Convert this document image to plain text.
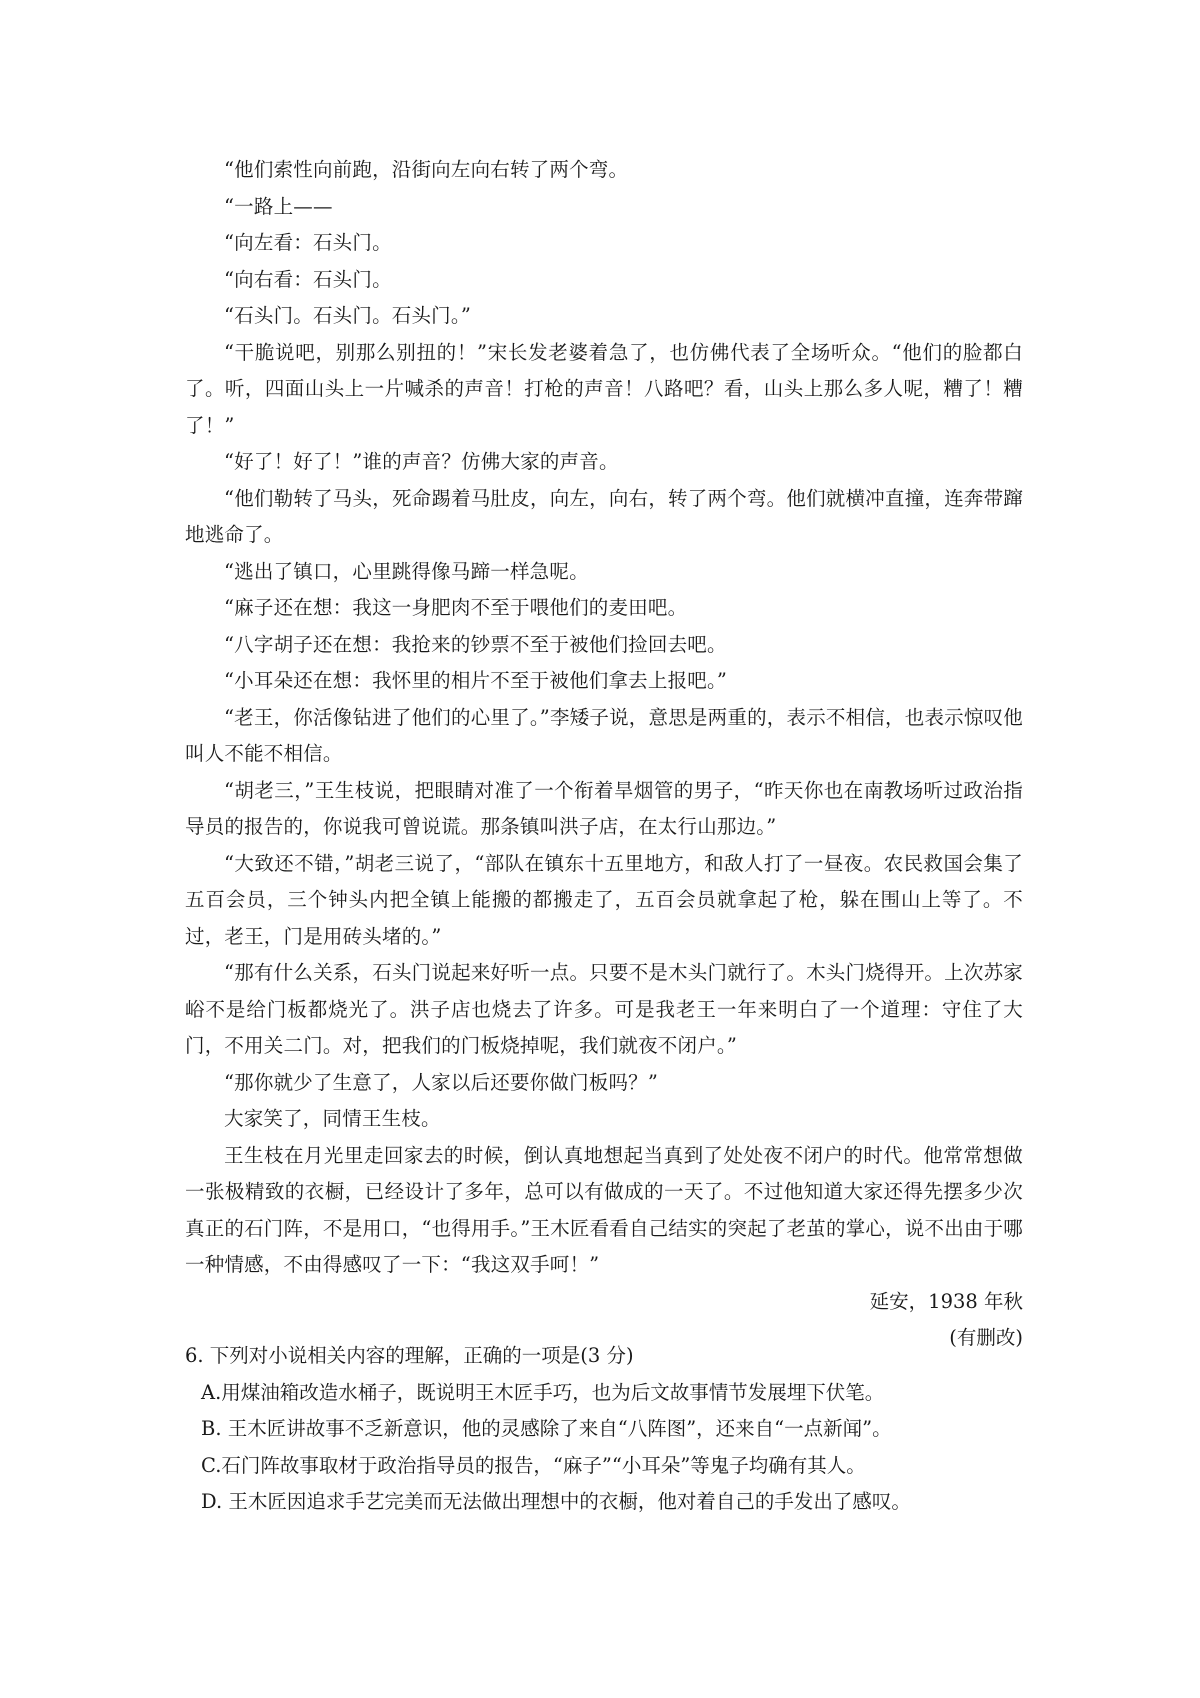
“他们索性向前跑，沿街向左向右转了两个弯。

“一路上——

“向左看：石头门。

“向右看：石头门。

“石头门。石头门。石头门。”

“干脆说吧，别那么别扭的！”宋长发老婆着急了，也仿佛代表了全场听众。“他们的脸都白了。听，四面山头上一片喊杀的声音！打枪的声音！八路吧？看，山头上那么多人呢，糟了！糟了！”

“好了！好了！”谁的声音？仿佛大家的声音。

“他们勒转了马头，死命踢着马肚皮，向左，向右，转了两个弯。他们就横冲直撞，连奔带蹿地逃命了。

“逃出了镇口，心里跳得像马蹄一样急呢。

“麻子还在想：我这一身肥肉不至于喂他们的麦田吧。

“八字胡子还在想：我抢来的钞票不至于被他们捡回去吧。

“小耳朵还在想：我怀里的相片不至于被他们拿去上报吧。”

“老王，你活像钻进了他们的心里了。”李矮子说，意思是两重的，表示不相信，也表示惊叹他叫人不能不相信。

“胡老三，”王生枝说，把眼睛对准了一个衔着旱烟管的男子，“昨天你也在南教场听过政治指导员的报告的，你说我可曾说谎。那条镇叫洪子店，在太行山那边。”

“大致还不错，”胡老三说了，“部队在镇东十五里地方，和敌人打了一昼夜。农民救国会集了五百会员，三个钟头内把全镇上能搬的都搬走了，五百会员就拿起了枪，躲在围山上等了。不过，老王，门是用砖头堵的。”

“那有什么关系，石头门说起来好听一点。只要不是木头门就行了。木头门烧得开。上次苏家峪不是给门板都烧光了。洪子店也烧去了许多。可是我老王一年来明白了一个道理：守住了大门，不用关二门。对，把我们的门板烧掉呢，我们就夜不闭户。”

“那你就少了生意了，人家以后还要你做门板吗？”

大家笑了，同情王生枝。

王生枝在月光里走回家去的时候，倒认真地想起当真到了处处夜不闭户的时代。他常常想做一张极精致的衣橱，已经设计了多年，总可以有做成的一天了。不过他知道大家还得先摆多少次真正的石门阵，不是用口，“也得用手。”王木匠看看自己结实的突起了老茧的掌心，说不出由于哪一种情感，不由得感叹了一下：“我这双手呵！”

延安，1938 年秋

(有删改)

6. 下列对小说相关内容的理解，正确的一项是(3 分)

A.用煤油箱改造水桶子，既说明王木匠手巧，也为后文故事情节发展埋下伏笔。

B. 王木匠讲故事不乏新意识，他的灵感除了来自“八阵图”，还来自“一点新闻”。

C.石门阵故事取材于政治指导员的报告，“麻子”“小耳朵”等鬼子均确有其人。

D. 王木匠因追求手艺完美而无法做出理想中的衣橱，他对着自己的手发出了感叹。
